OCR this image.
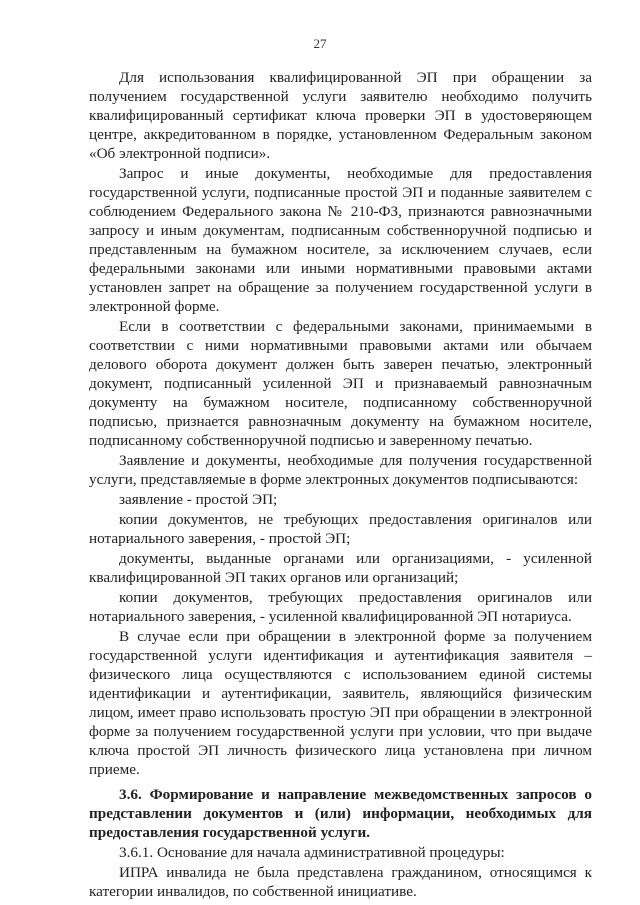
27

Для использования квалифицированной ЭП при обращении за получением государственной услуги заявителю необходимо получить квалифицированный сертификат ключа проверки ЭП в удостоверяющем центре, аккредитованном в порядке, установленном Федеральным законом «Об электронной подписи».

Запрос и иные документы, необходимые для предоставления государственной услуги, подписанные простой ЭП и поданные заявителем с соблюдением Федерального закона № 210-ФЗ, признаются равнозначными запросу и иным документам, подписанным собственноручной подписью и представленным на бумажном носителе, за исключением случаев, если федеральными законами или иными нормативными правовыми актами установлен запрет на обращение за получением государственной услуги в электронной форме.

Если в соответствии с федеральными законами, принимаемыми в соответствии с ними нормативными правовыми актами или обычаем делового оборота документ должен быть заверен печатью, электронный документ, подписанный усиленной ЭП и признаваемый равнозначным документу на бумажном носителе, подписанному собственноручной подписью, признается равнозначным документу на бумажном носителе, подписанному собственноручной подписью и заверенному печатью.

Заявление и документы, необходимые для получения государственной услуги, представляемые в форме электронных документов подписываются:

заявление - простой ЭП;

копии документов, не требующих предоставления оригиналов или нотариального заверения, - простой ЭП;

документы, выданные органами или организациями, - усиленной квалифицированной ЭП таких органов или организаций;

копии документов, требующих предоставления оригиналов или нотариального заверения, - усиленной квалифицированной ЭП нотариуса.

В случае если при обращении в электронной форме за получением государственной услуги идентификация и аутентификация заявителя – физического лица осуществляются с использованием единой системы идентификации и аутентификации, заявитель, являющийся физическим лицом, имеет право использовать простую ЭП при обращении в электронной форме за получением государственной услуги при условии, что при выдаче ключа простой ЭП личность физического лица установлена при личном приеме.

3.6. Формирование и направление межведомственных запросов о представлении документов и (или) информации, необходимых для предоставления государственной услуги.

3.6.1. Основание для начала административной процедуры:

ИПРА инвалида не была представлена гражданином, относящимся к категории инвалидов, по собственной инициативе.
